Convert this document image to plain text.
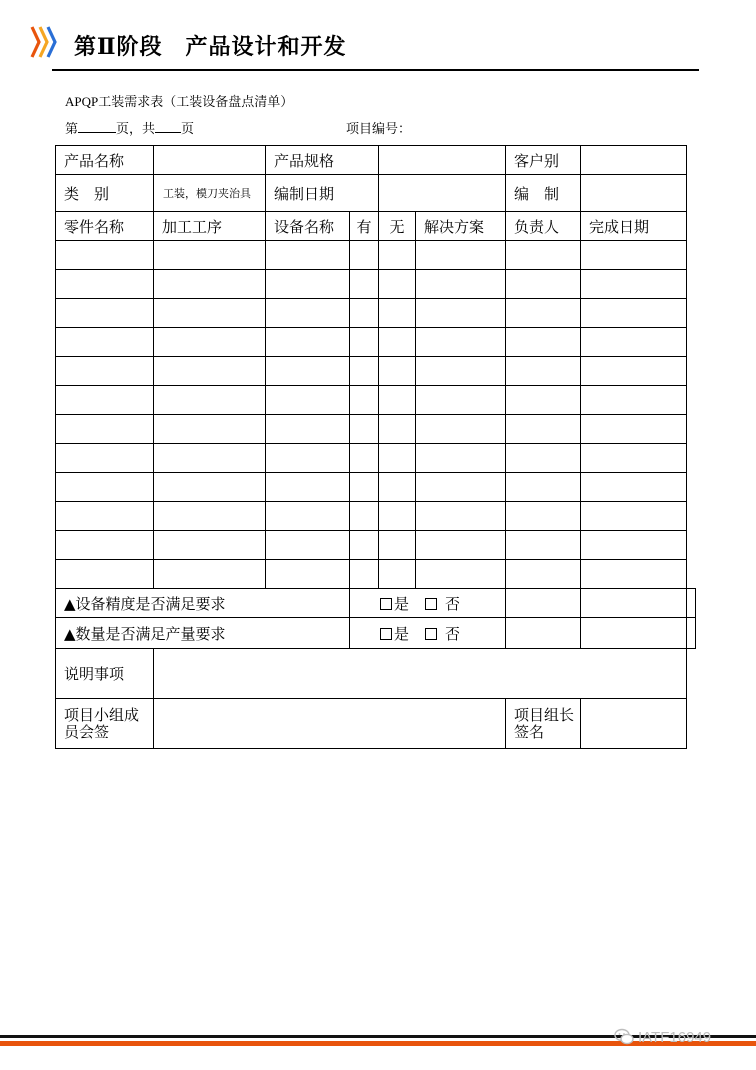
第Ⅱ阶段　产品设计和开发
APQP工装需求表（工装设备盘点清单）
第	页，共 页	项目编号：
产品名称		产品规格				客户别		
类　别	工装，模刀夹治具	编制日期				编　制		
零件名称	加工工序	设备名称	有	无	解决方案	负责人	完成日期	

▲设备精度是否满足要求			是 否					
▲数量是否满足产量要求			是 否					
说明事项								
项目小组成员会签						项目组长签名		
IATF16949
